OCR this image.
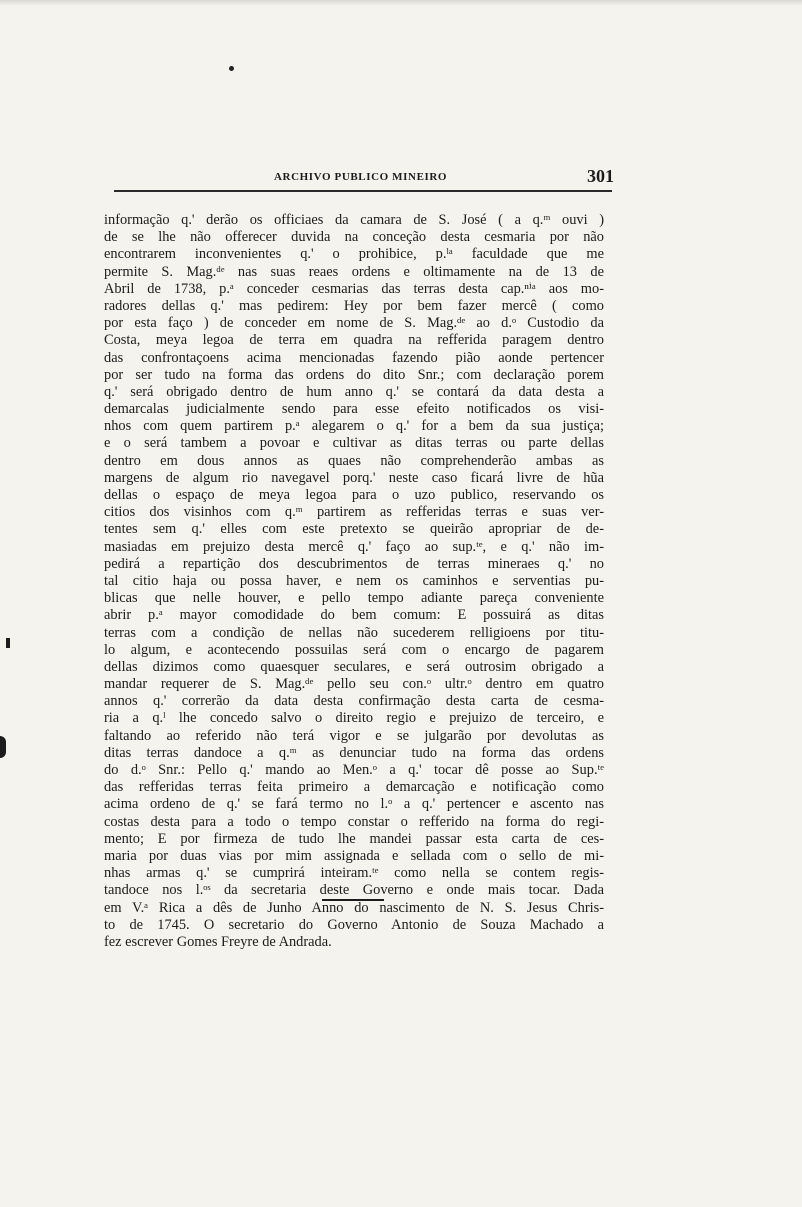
ARCHIVO PUBLICO MINEIRO	301
informação q.' derão os officiaes da camara de S. José ( a q.ᵐ ouvi )
de se lhe não offerecer duvida na conceção desta cesmaria por não
encontrarem inconvenientes q.' o prohibice, p.ˡᵃ faculdade que me
permite S. Mag.ᵈᵉ nas suas reaes ordens e oltimamente na de 13 de
Abril de 1738, p.ᵃ conceder cesmarias das terras desta cap.ⁿⁱᵃ aos mo-
radores dellas q.' mas pedirem: Hey por bem fazer mercê ( como
por esta faço ) de conceder em nome de S. Mag.ᵈᵉ ao d.ᵒ Custodio da
Costa, meya legoa de terra em quadra na refferida paragem dentro
das confrontaçoens acima mencionadas fazendo pião aonde pertencer
por ser tudo na forma das ordens do dito Snr.; com declaração porem
q.' será obrigado dentro de hum anno q.' se contará da data desta a
demarcalas judicialmente sendo para esse efeito notificados os visi-
nhos com quem partirem p.ᵃ alegarem o q.' for a bem da sua justiça;
e o será tambem a povoar e cultivar as ditas terras ou parte dellas
dentro em dous annos as quaes não comprehenderão ambas as
margens de algum rio navegavel porq.' neste caso ficará livre de hũa
dellas o espaço de meya legoa para o uzo publico, reservando os
citios dos visinhos com q.ᵐ partirem as refferidas terras e suas ver-
tentes sem q.' elles com este pretexto se queirão apropriar de de-
masiadas em prejuizo desta mercê q.' faço ao sup.ᵗᵉ, e q.' não im-
pedirá a repartição dos descubrimentos de terras mineraes q.' no
tal citio haja ou possa haver, e nem os caminhos e serventias pu-
blicas que nelle houver, e pello tempo adiante pareça conveniente
abrir p.ᵃ mayor comodidade do bem comum: E possuirá as ditas
terras com a condição de nellas não sucederem relligioens por titu-
lo algum, e acontecendo possuilas será com o encargo de pagarem
dellas dizimos como quaesquer seculares, e será outrosim obrigado a
mandar requerer de S. Mag.ᵈᵉ pello seu con.ᵒ ultr.ᵒ dentro em quatro
annos q.' correrão da data desta confirmação desta carta de cesma-
ria a q.ˡ lhe concedo salvo o direito regio e prejuizo de terceiro, e
faltando ao referido não terá vigor e se julgarão por devolutas as
ditas terras dandoce a q.ᵐ as denunciar tudo na forma das ordens
do d.ᵒ Snr.: Pello q.' mando ao Men.ᵒ a q.' tocar dê posse ao Sup.ᵗᵉ
das refferidas terras feita primeiro a demarcação e notificação como
acima ordeno de q.' se fará termo no l.ᵒ a q.' pertencer e ascento nas
costas desta para a todo o tempo constar o refferido na forma do regi-
mento; E por firmeza de tudo lhe mandei passar esta carta de ces-
maria por duas vias por mim assignada e sellada com o sello de mi-
nhas armas q.' se cumprirá inteiram.ᵗᵉ como nella se contem regis-
tandoce nos l.ᵒˢ da secretaria deste Governo e onde mais tocar. Dada
em V.ᵃ Rica a dês de Junho Anno do nascimento de N. S. Jesus Chris-
to de 1745. O secretario do Governo Antonio de Souza Machado a
fez escrever Gomes Freyre de Andrada.
